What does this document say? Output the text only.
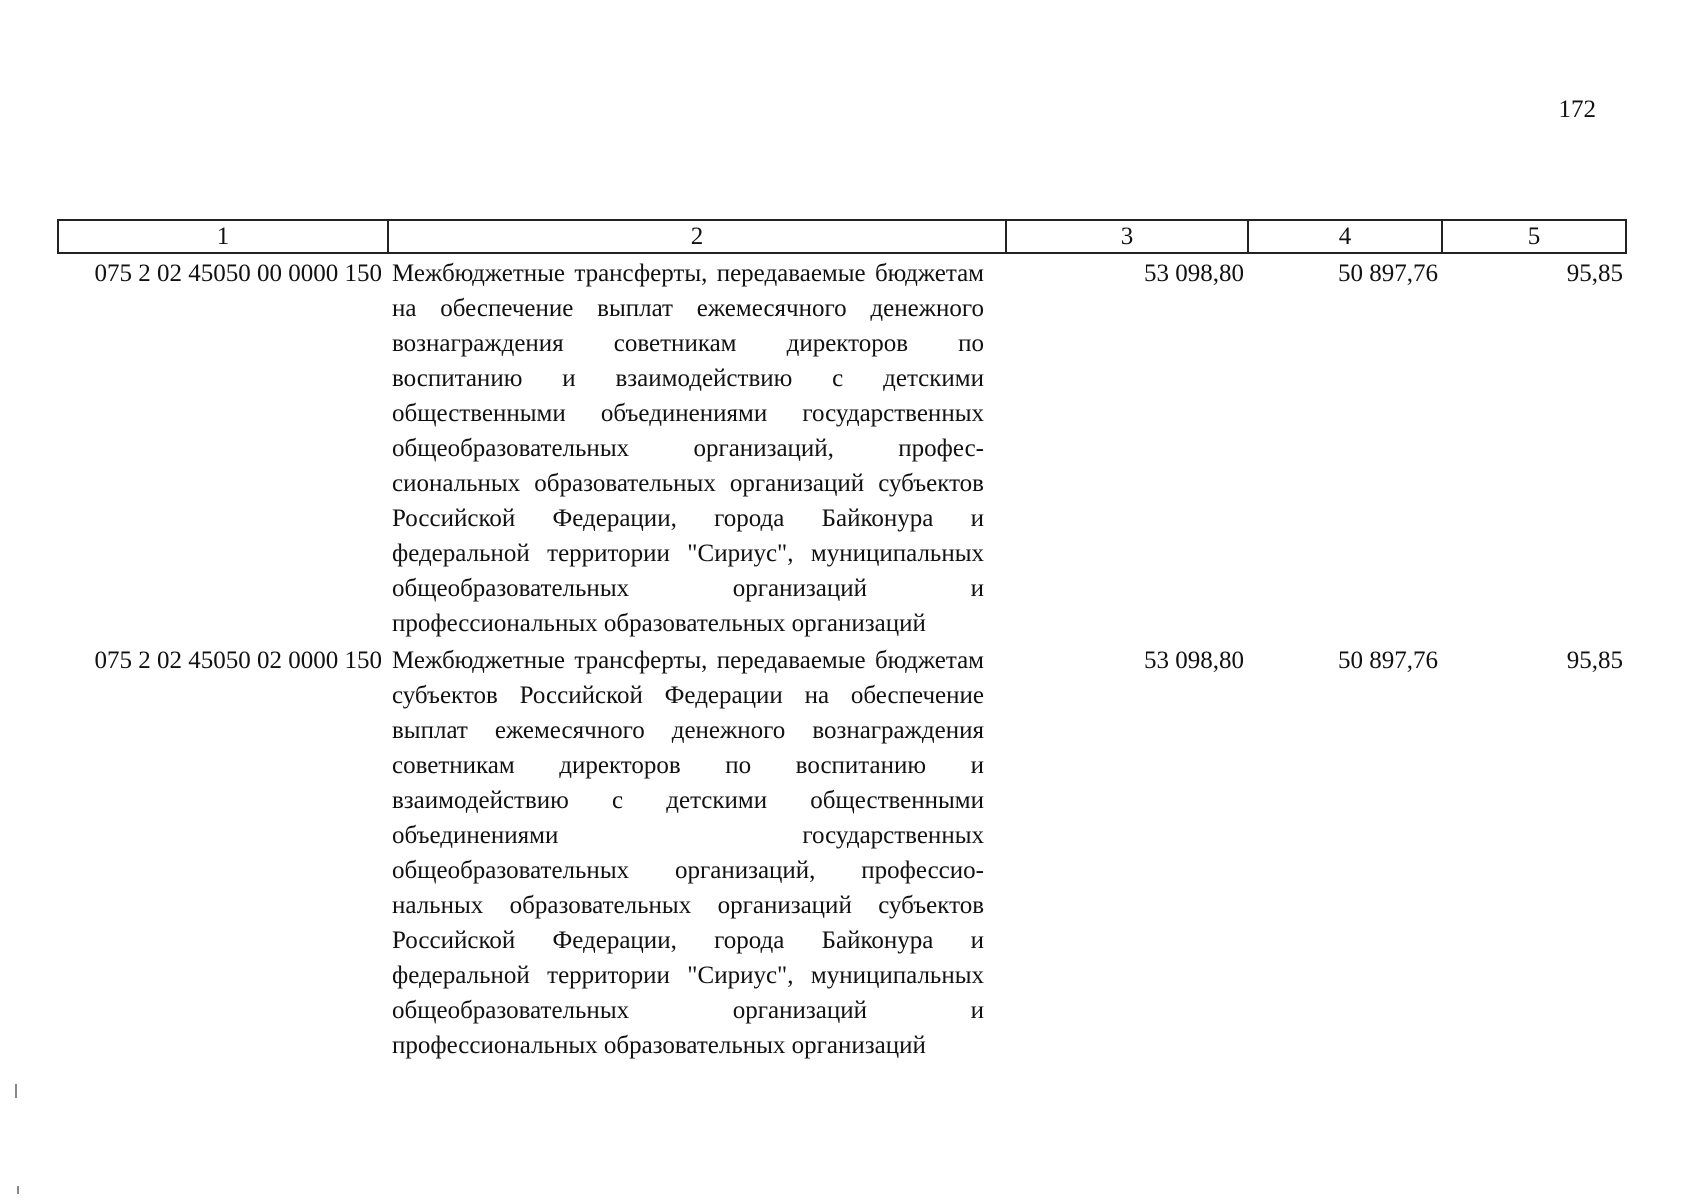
172
1	2	3	4	5
075 2 02 45050 00 0000 150	Межбюджетные трансферты, передаваемые бюджетам на обеспечение выплат ежемесячного денежного вознаграждения советникам директоров по воспитанию и взаимодействию с детскими общественными объединениями государственных общеобразовательных организаций, профессиональных образовательных организаций субъектов Российской Федерации, города Байконура и федеральной территории "Сириус", муниципальных общеобразовательных организаций и профессиональных образовательных организаций	53 098,80	50 897,76	95,85
075 2 02 45050 02 0000 150	Межбюджетные трансферты, передаваемые бюджетам субъектов Российской Федерации на обеспечение выплат ежемесячного денежного вознаграждения советникам директоров по воспитанию и взаимодействию с детскими общественными объединениями государственных общеобразовательных организаций, профессиональных образовательных организаций субъектов Российской Федерации, города Байконура и федеральной территории "Сириус", муниципальных общеобразовательных организаций и профессиональных образовательных организаций	53 098,80	50 897,76	95,85
